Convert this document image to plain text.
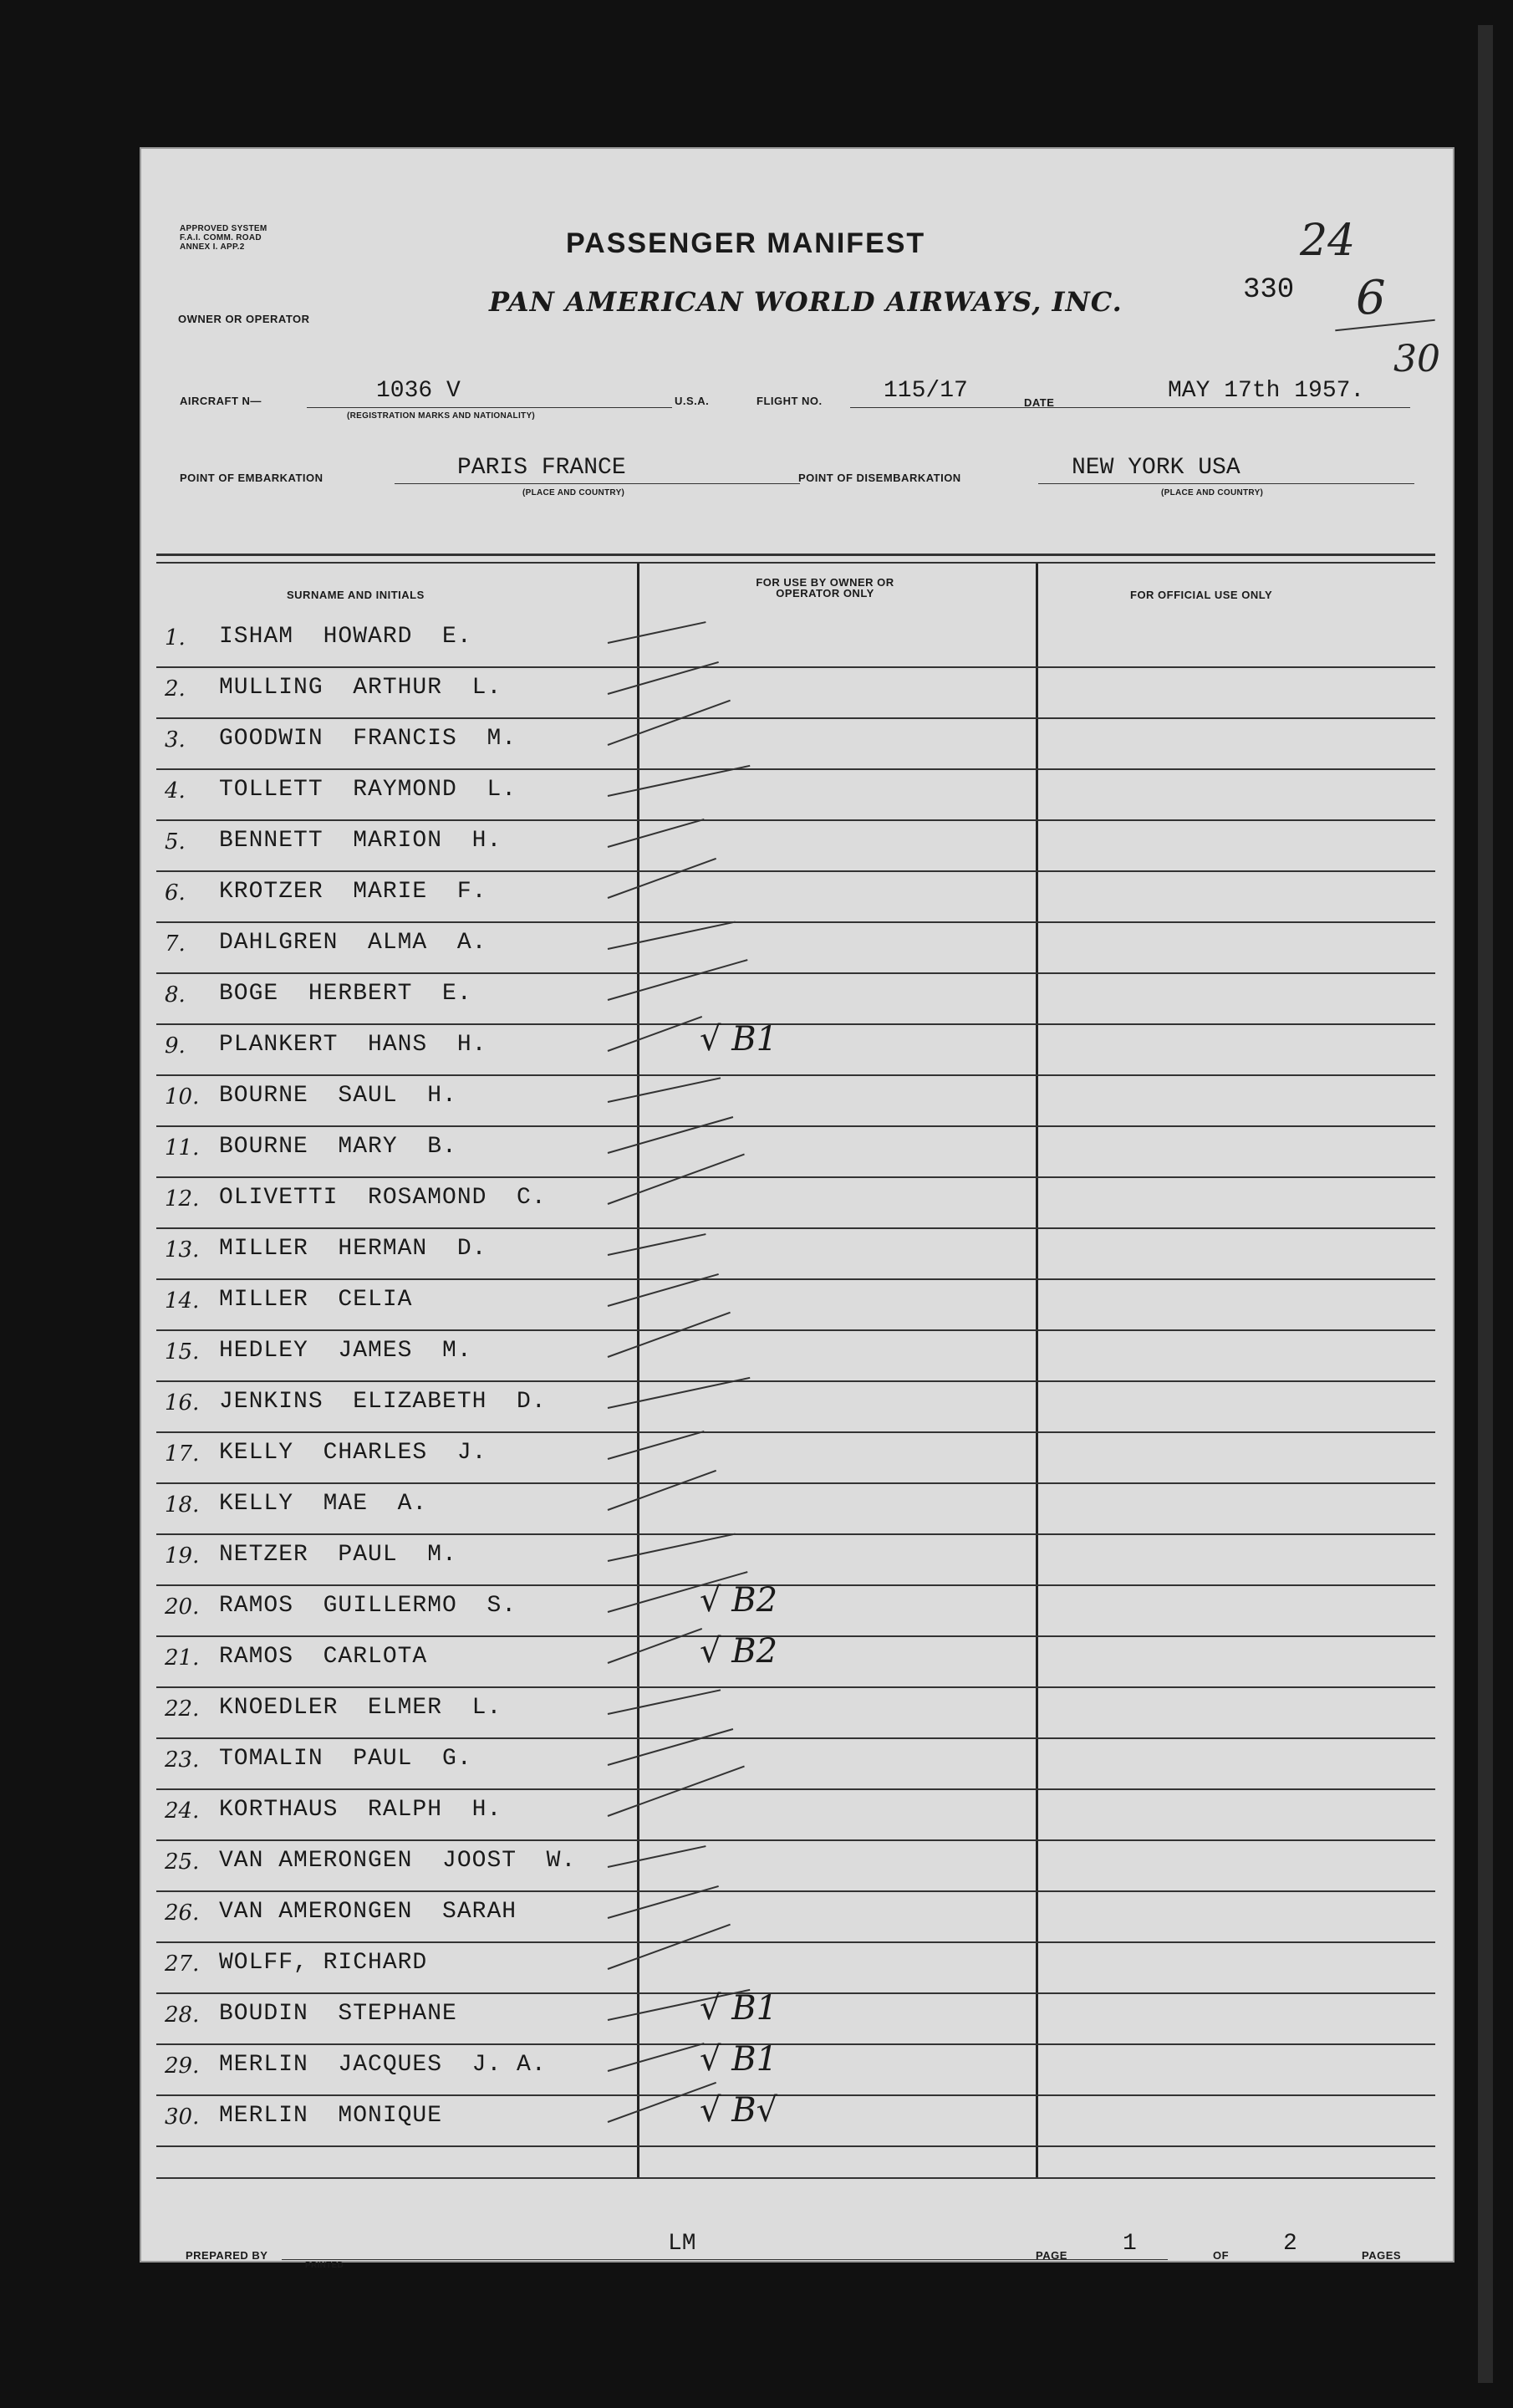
APPROVED SYSTEM F.A.I. COMM. ROAD ANNEX I. APP.2	PASSENGER MANIFEST
PAN AMERICAN WORLD AIRWAYS, INC.
OWNER OR OPERATOR
330
24
6
30
AIRCRAFT N—	1036 V
(REGISTRATION MARKS AND NATIONALITY)
U.S.A.	FLIGHT NO.	115/17	DATE	MAY 17th 1957.
POINT OF EMBARKATION	PARIS FRANCE
(PLACE AND COUNTRY)
POINT OF DISEMBARKATION	NEW YORK USA
(PLACE AND COUNTRY)
SURNAME AND INITIALS
FOR USE BY OWNER OR OPERATOR ONLY	FOR OFFICIAL USE ONLY
1. ISHAM  HOWARD  E.
2. MULLING  ARTHUR  L.
3. GOODWIN  FRANCIS  M.
4. TOLLETT  RAYMOND  L.
5. BENNETT  MARION  H.
6. KROTZER  MARIE  F.
7. DAHLGREN  ALMA  A.
8. BOGE  HERBERT  E.
9. PLANKERT  HANS  H.	√ B1
10. BOURNE  SAUL  H.
11. BOURNE  MARY  B.
12. OLIVETTI  ROSAMOND  C.
13. MILLER  HERMAN  D.
14. MILLER  CELIA
15. HEDLEY  JAMES  M.
16. JENKINS  ELIZABETH  D.
17. KELLY  CHARLES  J.
18. KELLY  MAE  A.
19. NETZER  PAUL  M.
20. RAMOS  GUILLERMO  S.	√ B2
21. RAMOS  CARLOTA	√ B2
22. KNOEDLER  ELMER  L.
23. TOMALIN  PAUL  G.
24. KORTHAUS  RALPH  H.
25. VAN AMERONGEN  JOOST  W.
26. VAN AMERONGEN  SARAH
27. WOLFF, RICHARD
28. BOUDIN  STEPHANE	√ B1
29. MERLIN  JACQUES  J. A.	√ B1
30. MERLIN  MONIQUE	√ B√
PREPARED BY
PRINTED
LM	PAGE 1	OF 2	PAGES
